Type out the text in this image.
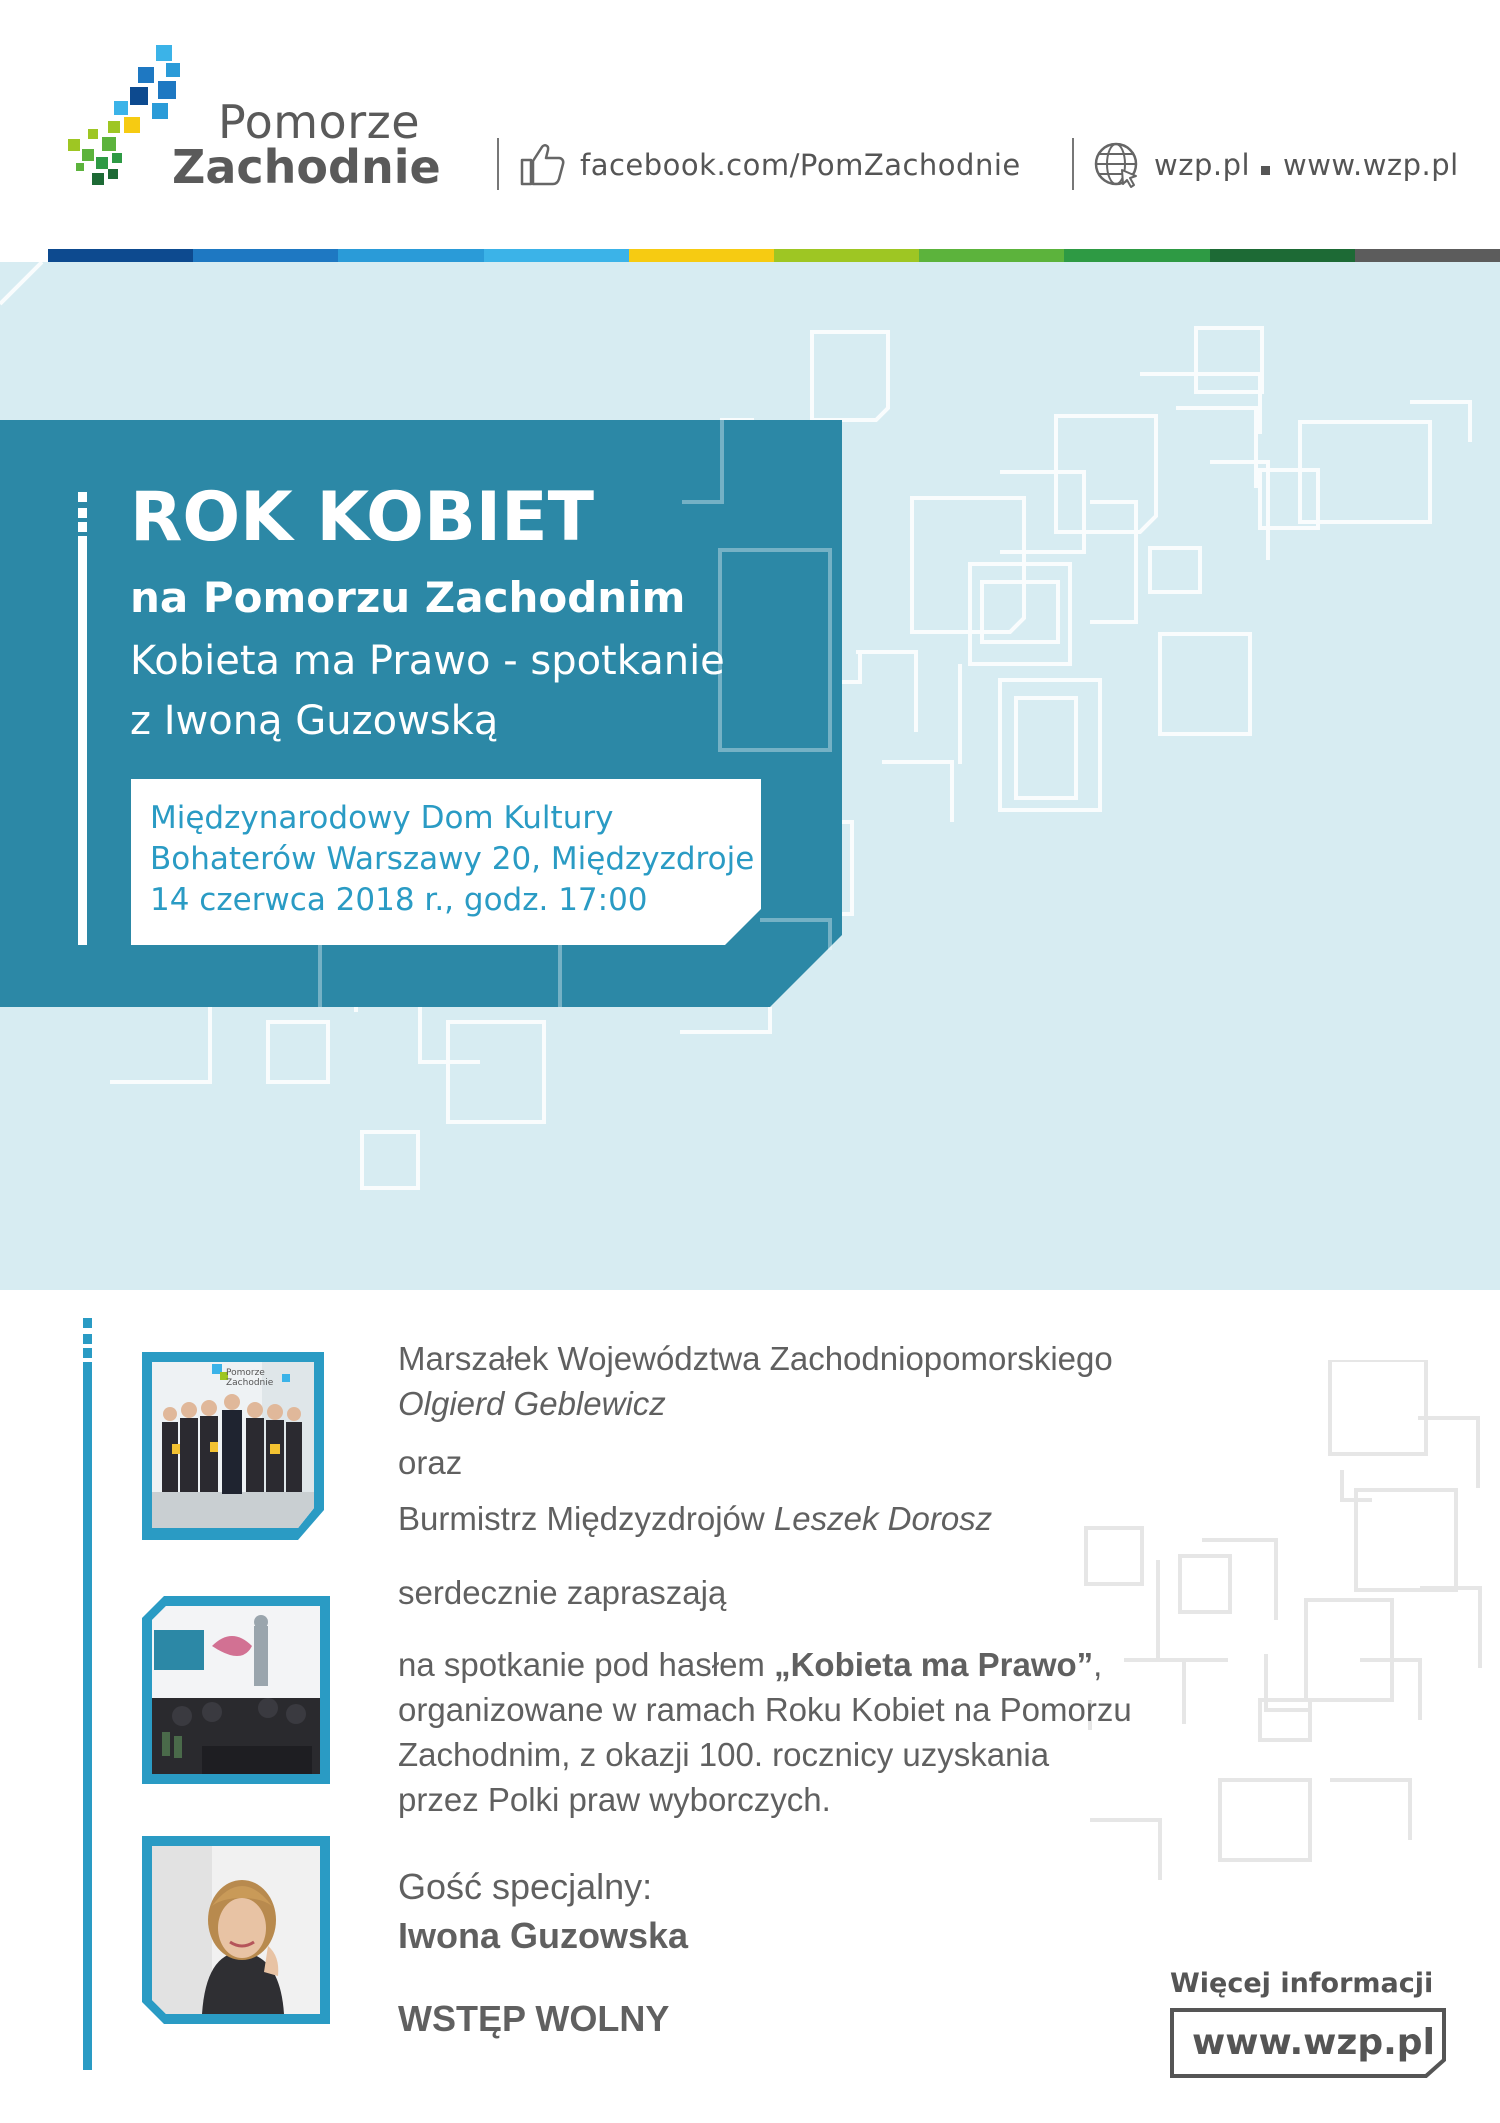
Pomorze
Zachodnie	facebook.com/PomZachodnie	wzp.pl www.wzp.pl
ROK KOBIET
na Pomorzu Zachodnim
Kobieta ma Prawo - spotkanie
z Iwoną Guzowską
Międzynarodowy Dom Kultury
Bohaterów Warszawy 20, Międzyzdroje
14 czerwca 2018 r., godz. 17:00
Pomorze Zachodnie
Marszałek Województwa Zachodniopomorskiego
Olgierd Geblewicz
oraz
Burmistrz Międzyzdrojów Leszek Dorosz
serdecznie zapraszają
na spotkanie pod hasłem „Kobieta ma Prawo”,
organizowane w ramach Roku Kobiet na Pomorzu
Zachodnim, z okazji 100. rocznicy uzyskania
przez Polki praw wyborczych.
Gość specjalny:
Iwona Guzowska
WSTĘP WOLNY
Więcej informacji
www.wzp.pl
